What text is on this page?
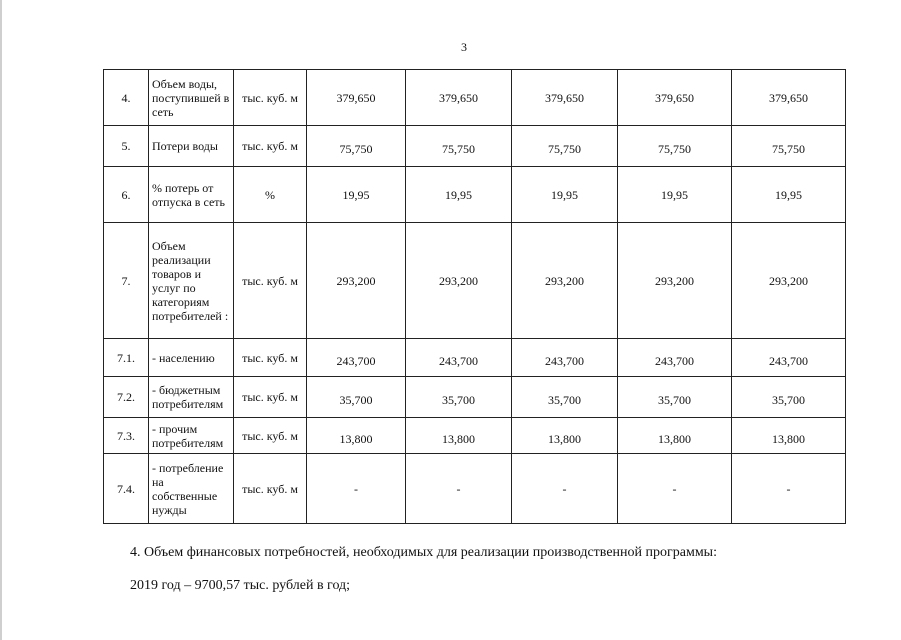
3
4.	Объем воды, поступившей в сеть	тыс. куб. м	379,650	379,650	379,650	379,650	379,650
5.	Потери воды	тыс. куб. м	75,750	75,750	75,750	75,750	75,750
6.	% потерь от отпуска в сеть	%	19,95	19,95	19,95	19,95	19,95
7.	Объем реализации товаров и услуг по категориям потребителей :	тыс. куб. м	293,200	293,200	293,200	293,200	293,200
7.1.	- населению	тыс. куб. м	243,700	243,700	243,700	243,700	243,700
7.2.	- бюджетным потребителям	тыс. куб. м	35,700	35,700	35,700	35,700	35,700
7.3.	- прочим потребителям	тыс. куб. м	13,800	13,800	13,800	13,800	13,800
7.4.	- потребление на собственные нужды	тыс. куб. м	-	-	-	-	-
4. Объем финансовых потребностей, необходимых для реализации производственной программы:
2019 год – 9700,57 тыс. рублей в год;
